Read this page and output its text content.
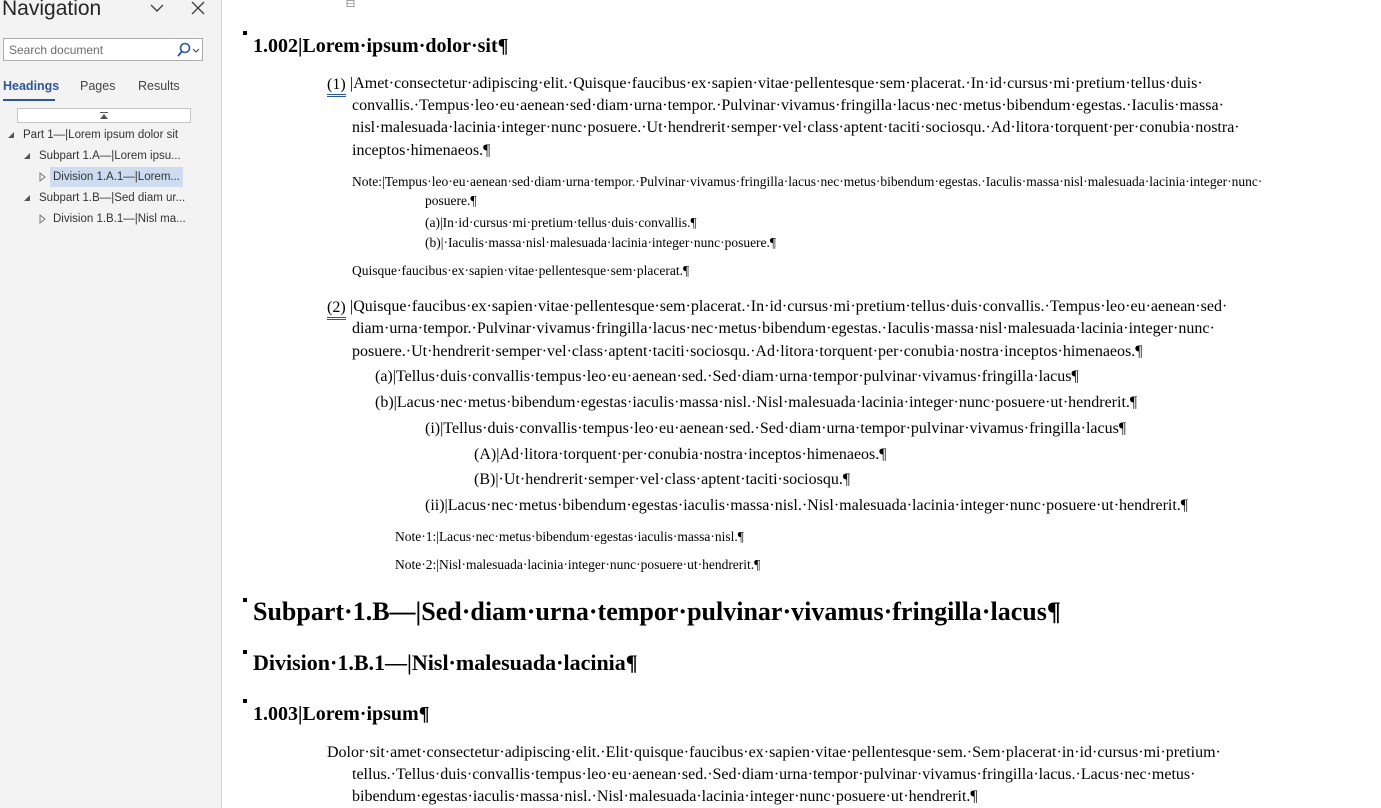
Navigation
Search document
Headings Pages Results
Part 1—|Lorem ipsum dolor sit
Subpart 1.A—|Lorem ipsu...
Division 1.A.1—|Lorem...
Subpart 1.B—|Sed diam ur...
Division 1.B.1—|Nisl ma...
1.002|Lorem·ipsum·dolor·sit¶
(1) |Amet·consectetur·adipiscing·elit.·Quisque·faucibus·ex·sapien·vitae·pellentesque·sem·placerat.·In·id·cursus·mi·pretium·tellus·duis·
convallis.·Tempus·leo·eu·aenean·sed·diam·urna·tempor.·Pulvinar·vivamus·fringilla·lacus·nec·metus·bibendum·egestas.·Iaculis·massa·
nisl·malesuada·lacinia·integer·nunc·posuere.·Ut·hendrerit·semper·vel·class·aptent·taciti·sociosqu.·Ad·litora·torquent·per·conubia·nostra·
inceptos·himenaeos.¶
Note:|Tempus·leo·eu·aenean·sed·diam·urna·tempor.·Pulvinar·vivamus·fringilla·lacus·nec·metus·bibendum·egestas.·Iaculis·massa·nisl·malesuada·lacinia·integer·nunc·
posuere.¶
(a)|In·id·cursus·mi·pretium·tellus·duis·convallis.¶
(b)|·Iaculis·massa·nisl·malesuada·lacinia·integer·nunc·posuere.¶
Quisque·faucibus·ex·sapien·vitae·pellentesque·sem·placerat.¶
(2) |Quisque·faucibus·ex·sapien·vitae·pellentesque·sem·placerat.·In·id·cursus·mi·pretium·tellus·duis·convallis.·Tempus·leo·eu·aenean·sed·
diam·urna·tempor.·Pulvinar·vivamus·fringilla·lacus·nec·metus·bibendum·egestas.·Iaculis·massa·nisl·malesuada·lacinia·integer·nunc·
posuere.·Ut·hendrerit·semper·vel·class·aptent·taciti·sociosqu.·Ad·litora·torquent·per·conubia·nostra·inceptos·himenaeos.¶
(a)|Tellus·duis·convallis·tempus·leo·eu·aenean·sed.·Sed·diam·urna·tempor·pulvinar·vivamus·fringilla·lacus¶
(b)|Lacus·nec·metus·bibendum·egestas·iaculis·massa·nisl.·Nisl·malesuada·lacinia·integer·nunc·posuere·ut·hendrerit.¶
(i)|Tellus·duis·convallis·tempus·leo·eu·aenean·sed.·Sed·diam·urna·tempor·pulvinar·vivamus·fringilla·lacus¶
(A)|Ad·litora·torquent·per·conubia·nostra·inceptos·himenaeos.¶
(B)|·Ut·hendrerit·semper·vel·class·aptent·taciti·sociosqu.¶
(ii)|Lacus·nec·metus·bibendum·egestas·iaculis·massa·nisl.·Nisl·malesuada·lacinia·integer·nunc·posuere·ut·hendrerit.¶
Note·1:|Lacus·nec·metus·bibendum·egestas·iaculis·massa·nisl.¶
Note·2:|Nisl·malesuada·lacinia·integer·nunc·posuere·ut·hendrerit.¶
Subpart·1.B—|Sed·diam·urna·tempor·pulvinar·vivamus·fringilla·lacus¶
Division·1.B.1—|Nisl·malesuada·lacinia¶
1.003|Lorem·ipsum¶
Dolor·sit·amet·consectetur·adipiscing·elit.·Elit·quisque·faucibus·ex·sapien·vitae·pellentesque·sem.·Sem·placerat·in·id·cursus·mi·pretium·
tellus.·Tellus·duis·convallis·tempus·leo·eu·aenean·sed.·Sed·diam·urna·tempor·pulvinar·vivamus·fringilla·lacus.·Lacus·nec·metus·
bibendum·egestas·iaculis·massa·nisl.·Nisl·malesuada·lacinia·integer·nunc·posuere·ut·hendrerit.¶
